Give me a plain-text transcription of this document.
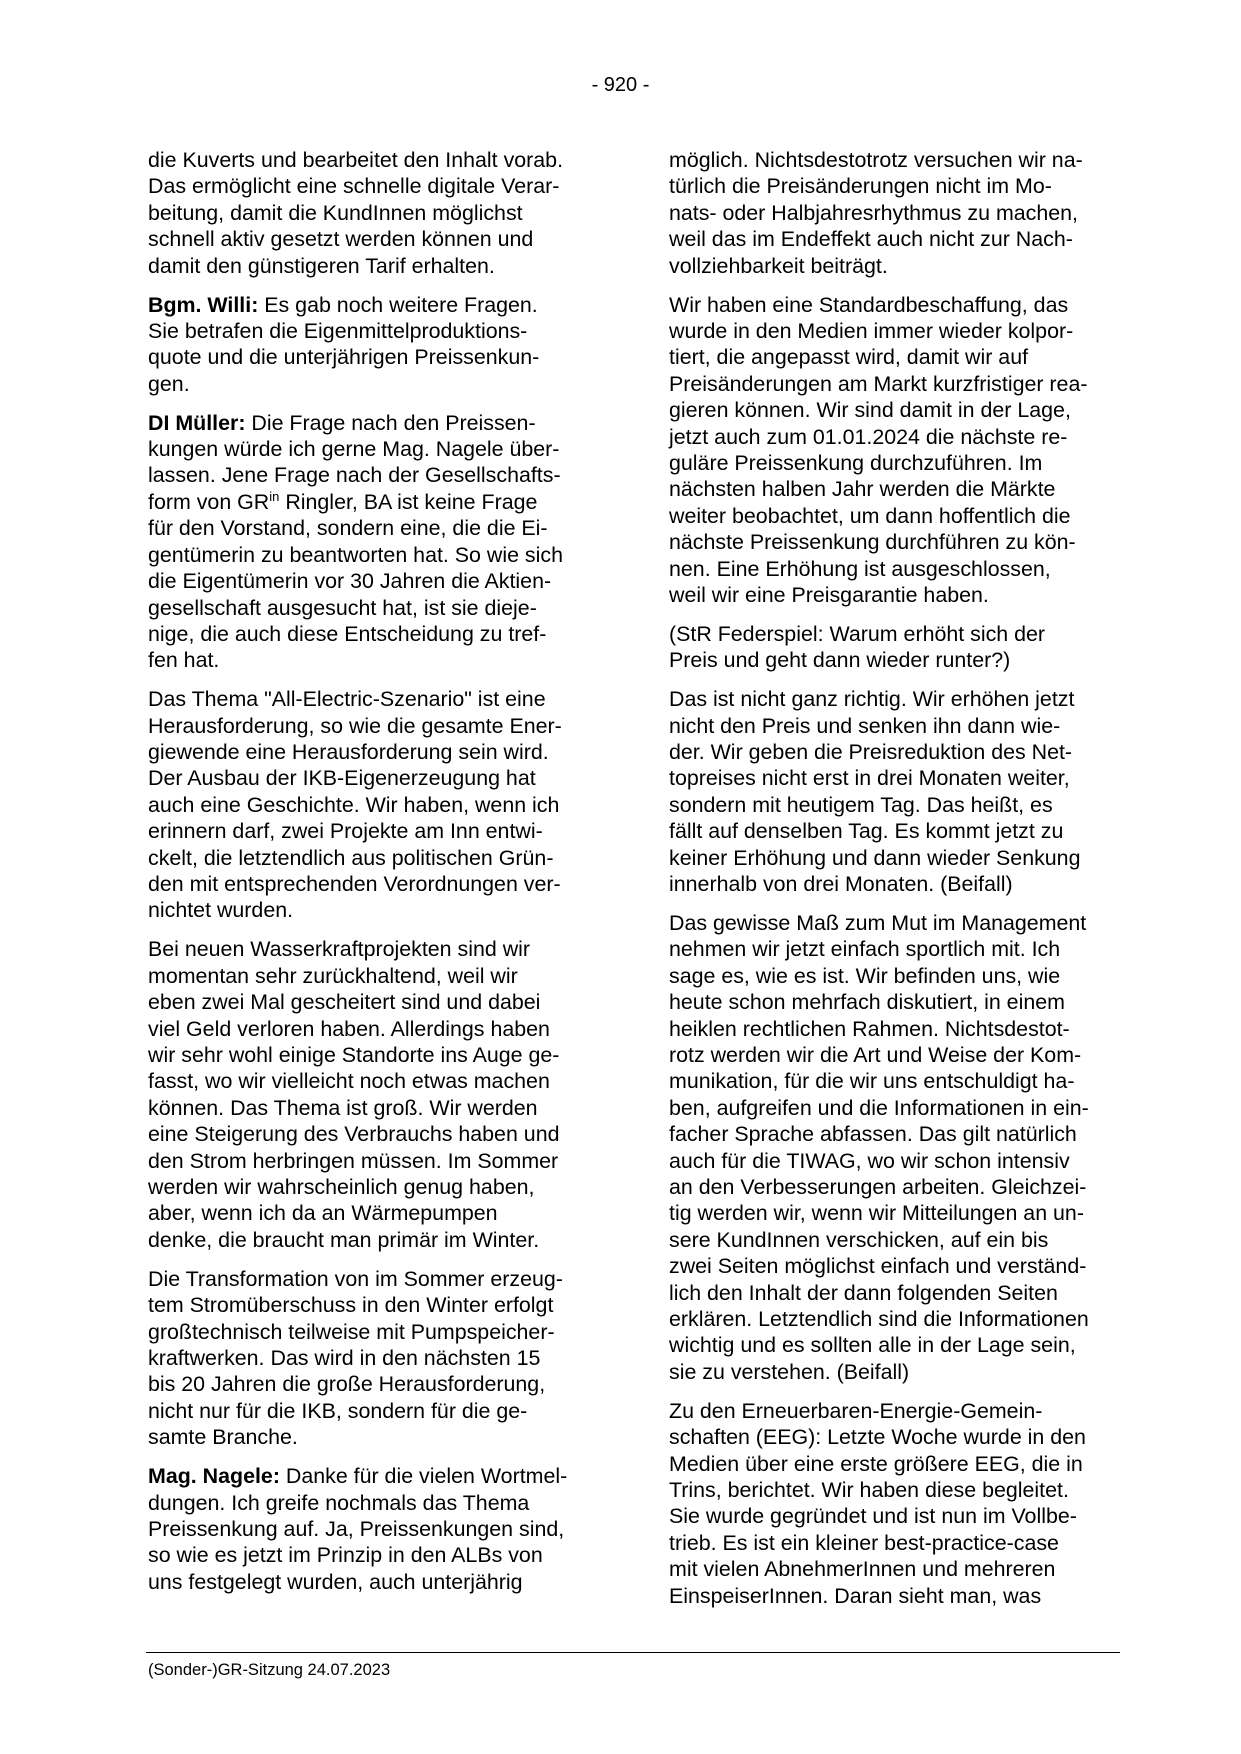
- 920 -

die Kuverts und bearbeitet den Inhalt vorab.
Das ermöglicht eine schnelle digitale Verar-
beitung, damit die KundInnen möglichst
schnell aktiv gesetzt werden können und
damit den günstigeren Tarif erhalten.

Bgm. Willi: Es gab noch weitere Fragen.
Sie betrafen die Eigenmittelproduktions-
quote und die unterjährigen Preissenkun-
gen.

DI Müller: Die Frage nach den Preissen-
kungen würde ich gerne Mag. Nagele über-
lassen. Jene Frage nach der Gesellschafts-
form von $GR^{in}$ Ringler, BA ist keine Frage
für den Vorstand, sondern eine, die die Ei-
gentümerin zu beantworten hat. So wie sich
die Eigentümerin vor 30 Jahren die Aktien-
gesellschaft ausgesucht hat, ist sie dieje-
nige, die auch diese Entscheidung zu tref-
fen hat.

Das Thema "All-Electric-Szenario" ist eine
Herausforderung, so wie die gesamte Ener-
giewende eine Herausforderung sein wird.
Der Ausbau der IKB-Eigenerzeugung hat
auch eine Geschichte. Wir haben, wenn ich
erinnern darf, zwei Projekte am Inn entwi-
ckelt, die letztendlich aus politischen Grün-
den mit entsprechenden Verordnungen ver-
nichtet wurden.

Bei neuen Wasserkraftprojekten sind wir
momentan sehr zurückhaltend, weil wir
eben zwei Mal gescheitert sind und dabei
viel Geld verloren haben. Allerdings haben
wir sehr wohl einige Standorte ins Auge ge-
fasst, wo wir vielleicht noch etwas machen
können. Das Thema ist groß. Wir werden
eine Steigerung des Verbrauchs haben und
den Strom herbringen müssen. Im Sommer
werden wir wahrscheinlich genug haben,
aber, wenn ich da an Wärmepumpen
denke, die braucht man primär im Winter.

Die Transformation von im Sommer erzeug-
tem Stromüberschuss in den Winter erfolgt
großtechnisch teilweise mit Pumpspeicher-
kraftwerken. Das wird in den nächsten 15
bis 20 Jahren die große Herausforderung,
nicht nur für die IKB, sondern für die ge-
samte Branche.

Mag. Nagele: Danke für die vielen Wortmel-
dungen. Ich greife nochmals das Thema
Preissenkung auf. Ja, Preissenkungen sind,
so wie es jetzt im Prinzip in den ALBs von
uns festgelegt wurden, auch unterjährig

möglich. Nichtsdestotrotz versuchen wir na-
türlich die Preisänderungen nicht im Mo-
nats- oder Halbjahresrhythmus zu machen,
weil das im Endeffekt auch nicht zur Nach-
vollziehbarkeit beiträgt.

Wir haben eine Standardbeschaffung, das
wurde in den Medien immer wieder kolpor-
tiert, die angepasst wird, damit wir auf
Preisänderungen am Markt kurzfristiger rea-
gieren können. Wir sind damit in der Lage,
jetzt auch zum 01.01.2024 die nächste re-
guläre Preissenkung durchzuführen. Im
nächsten halben Jahr werden die Märkte
weiter beobachtet, um dann hoffentlich die
nächste Preissenkung durchführen zu kön-
nen. Eine Erhöhung ist ausgeschlossen,
weil wir eine Preisgarantie haben.

(StR Federspiel: Warum erhöht sich der
Preis und geht dann wieder runter?)

Das ist nicht ganz richtig. Wir erhöhen jetzt
nicht den Preis und senken ihn dann wie-
der. Wir geben die Preisreduktion des Net-
topreises nicht erst in drei Monaten weiter,
sondern mit heutigem Tag. Das heißt, es
fällt auf denselben Tag. Es kommt jetzt zu
keiner Erhöhung und dann wieder Senkung
innerhalb von drei Monaten. (Beifall)

Das gewisse Maß zum Mut im Management
nehmen wir jetzt einfach sportlich mit. Ich
sage es, wie es ist. Wir befinden uns, wie
heute schon mehrfach diskutiert, in einem
heiklen rechtlichen Rahmen. Nichtsdestot-
rotz werden wir die Art und Weise der Kom-
munikation, für die wir uns entschuldigt ha-
ben, aufgreifen und die Informationen in ein-
facher Sprache abfassen. Das gilt natürlich
auch für die TIWAG, wo wir schon intensiv
an den Verbesserungen arbeiten. Gleichzei-
tig werden wir, wenn wir Mitteilungen an un-
sere KundInnen verschicken, auf ein bis
zwei Seiten möglichst einfach und verständ-
lich den Inhalt der dann folgenden Seiten
erklären. Letztendlich sind die Informationen
wichtig und es sollten alle in der Lage sein,
sie zu verstehen. (Beifall)

Zu den Erneuerbaren-Energie-Gemein-
schaften (EEG): Letzte Woche wurde in den
Medien über eine erste größere EEG, die in
Trins, berichtet. Wir haben diese begleitet.
Sie wurde gegründet und ist nun im Vollbe-
trieb. Es ist ein kleiner best-practice-case
mit vielen AbnehmerInnen und mehreren
EinspeiserInnen. Daran sieht man, was

(Sonder-)GR-Sitzung 24.07.2023
